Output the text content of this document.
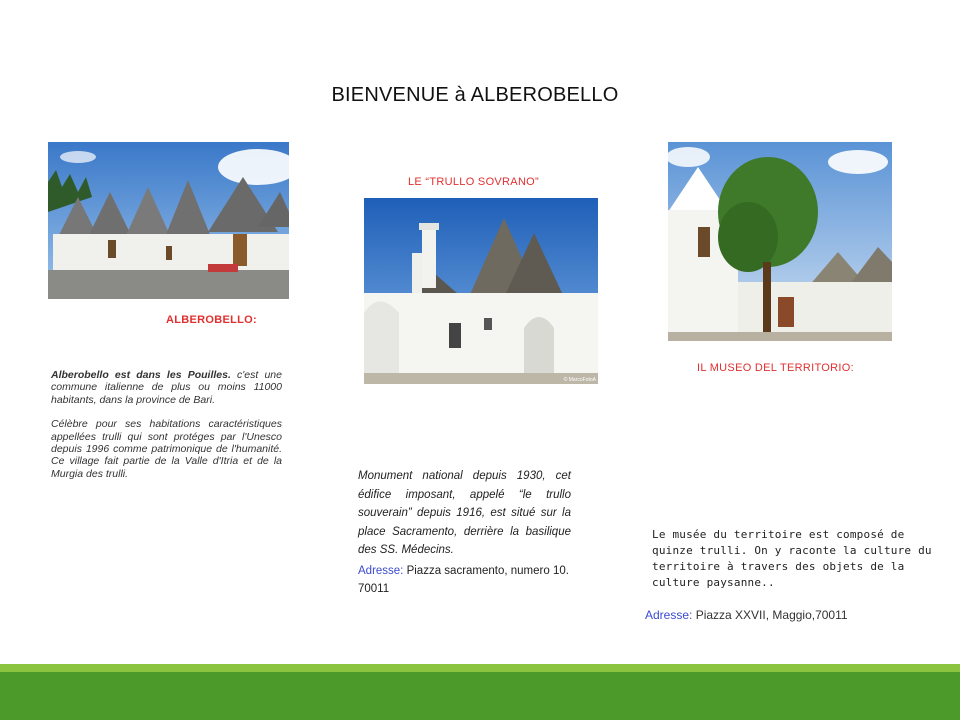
BIENVENUE à ALBEROBELLO
ALBEROBELLO:
Alberobello est dans les Pouilles. c'est une commune italienne de plus ou moins 11000 habitants, dans la province de Bari.
Célèbre pour ses habitations caractéristiques appellées trulli qui sont protéges par l'Unesco depuis 1996 comme patrimonique de l'humanité. Ce village fait partie de la Valle d'Itria et de la Murgia des trulli.
LE “TRULLO SOVRANO”
© MarcoFotoA
Monument national depuis 1930, cet édifice imposant, appelé “le trullo souverain” depuis 1916, est situé sur la place Sacramento, derrière la basilique des SS. Médecins.
Adresse: Piazza sacramento, numero 10. 70011
IL MUSEO DEL TERRITORIO:
Le musée du territoire est composé de quinze trulli. On y raconte la culture du territoire à travers des objets de la culture paysanne..
Adresse: Piazza XXVII, Maggio,70011
